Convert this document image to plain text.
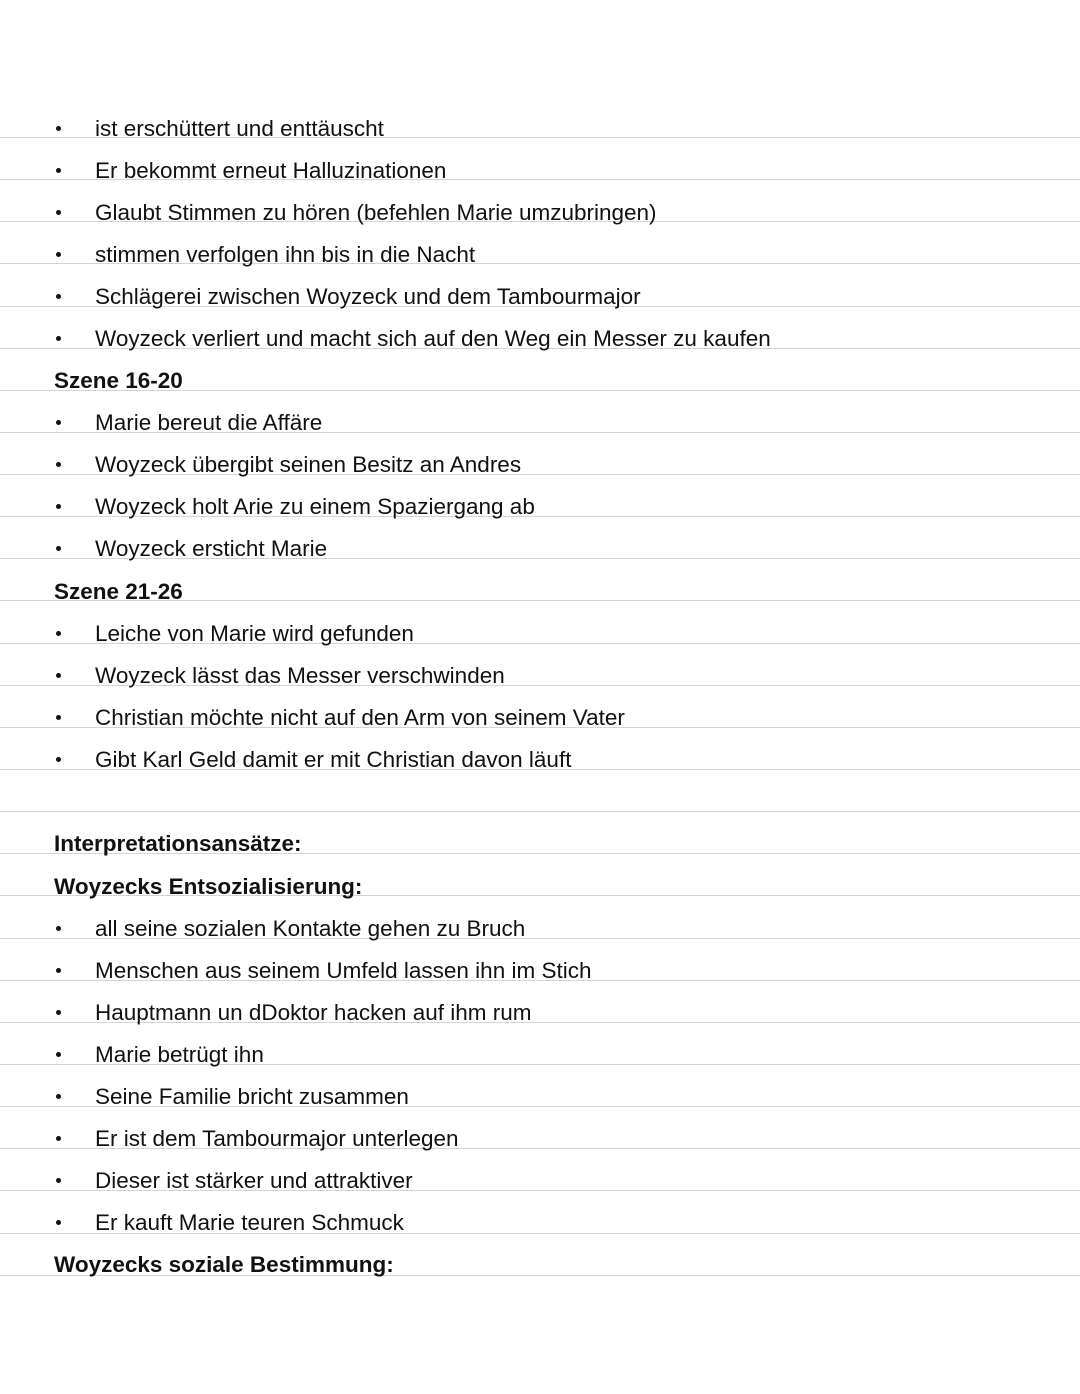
ist erschüttert und enttäuscht
Er bekommt erneut Halluzinationen
Glaubt Stimmen zu hören (befehlen Marie umzubringen)
stimmen verfolgen ihn bis in die Nacht
Schlägerei zwischen Woyzeck und dem Tambourmajor
Woyzeck verliert und macht sich auf den Weg ein Messer zu kaufen
Szene 16-20
Marie bereut die Affäre
Woyzeck übergibt seinen Besitz an Andres
Woyzeck holt Arie zu einem Spaziergang ab
Woyzeck ersticht Marie
Szene 21-26
Leiche von Marie wird gefunden
Woyzeck lässt das Messer verschwinden
Christian möchte nicht auf den Arm von seinem Vater
Gibt Karl Geld damit er mit Christian davon läuft
Interpretationsansätze:
Woyzecks Entsozialisierung:
all seine sozialen Kontakte gehen zu Bruch
Menschen aus seinem Umfeld lassen ihn im Stich
Hauptmann un dDoktor hacken auf ihm rum
Marie betrügt ihn
Seine Familie bricht zusammen
Er ist dem Tambourmajor unterlegen
Dieser ist stärker und attraktiver
Er kauft Marie teuren Schmuck
Woyzecks soziale Bestimmung:
